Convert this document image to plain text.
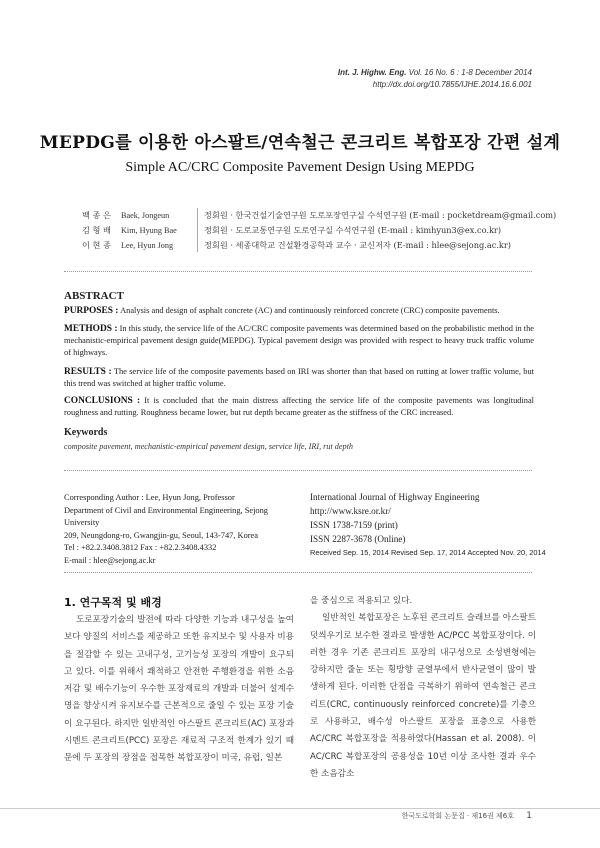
Int. J. Highw. Eng. Vol. 16 No. 6 : 1-8 December 2014
http://dx.doi.org/10.7855/IJHE.2014.16.6.001
MEPDG를 이용한 아스팔트/연속철근 콘크리트 복합포장 간편 설계
Simple AC/CRC Composite Pavement Design Using MEPDG
백 종 은 Baek, Jongeun	정회원 · 한국건설기술연구원 도로포장연구실 수석연구원 (E-mail : pocketdream@gmail.com)
김 형 배 Kim, Hyung Bae	정회원 · 도로교통연구원 도로연구실 수석연구원 (E-mail : kimhyun3@ex.co.kr)
이 현 종 Lee, Hyun Jong	정회원 · 세종대학교 건설환경공학과 교수 · 교신저자 (E-mail : hlee@sejong.ac.kr)
ABSTRACT
PURPOSES : Analysis and design of asphalt concrete (AC) and continuously reinforced concrete (CRC) composite pavements.
METHODS : In this study, the service life of the AC/CRC composite pavements was determined based on the probabilistic method in the mechanistic-empirical pavement design guide(MEPDG). Typical pavement design was provided with respect to heavy truck traffic volume of highways.
RESULTS : The service life of the composite pavements based on IRI was shorter than that based on rutting at lower traffic volume, but this trend was switched at higher traffic volume.
CONCLUSIONS : It is concluded that the main distress affecting the service life of the composite pavements was longitudinal roughness and rutting. Roughness became lower, but rut depth became greater as the stiffness of the CRC increased.
Keywords
composite pavement, mechanistic-empirical pavement design, service life, IRI, rut depth
Corresponding Author : Lee, Hyun Jong, Professor
Department of Civil and Environmental Engineering, Sejong University
209, Neungdong-ro, Gwangjin-gu, Seoul, 143-747, Korea
Tel : +82.2.3408.3812 Fax : +82.2.3408.4332
E-mail : hlee@sejong.ac.kr
International Journal of Highway Engineering
http://www.ksre.or.kr/
ISSN 1738-7159 (print)
ISSN 2287-3678 (Online)
Received Sep. 15, 2014 Revised Sep. 17, 2014 Accepted Nov. 20, 2014
1. 연구목적 및 배경

도로포장기술의 발전에 따라 다양한 기능과 내구성을 높여 보다 양질의 서비스를 제공하고 또한 유지보수 및 사용자 비용을 절감할 수 있는 고내구성, 고기능성 포장의 개발이 요구되고 있다. 이를 위해서 쾌적하고 안전한 주행환경을 위한 소음저감 및 배수기능이 우수한 포장재료의 개발과 더불어 설계수명을 향상시켜 유지보수를 근본적으로 줄일 수 있는 포장 기술이 요구된다. 하지만 일반적인 아스팔트 콘크리트(AC) 포장과 시멘트 콘크리트(PCC) 포장은 재료적 구조적 한계가 있기 때문에 두 포장의 장점을 접목한 복합포장이 미국, 유럽, 일본

을 중심으로 적용되고 있다.

일반적인 복합포장은 노후된 콘크리트 슬래브를 아스팔트 덧씌우기로 보수한 결과로 발생한 AC/PCC 복합포장이다. 이러한 경우 기존 콘크리트 포장의 내구성으로 소성변형에는 강하지만 줄눈 또는 횡방향 균열부에서 반사균열이 많이 발생하게 된다. 이러한 단점을 극복하기 위하여 연속철근 콘크리트(CRC, continuously reinforced concrete)를 기층으로 사용하고, 배수성 아스팔트 포장을 표층으로 사용한 AC/CRC 복합포장을 적용하였다(Hassan et al. 2008). 이 AC/CRC 복합포장의 공용성을 10년 이상 조사한 결과 우수한 소음감소

한국도로학회 논문집 · 제16권 제6호 1
